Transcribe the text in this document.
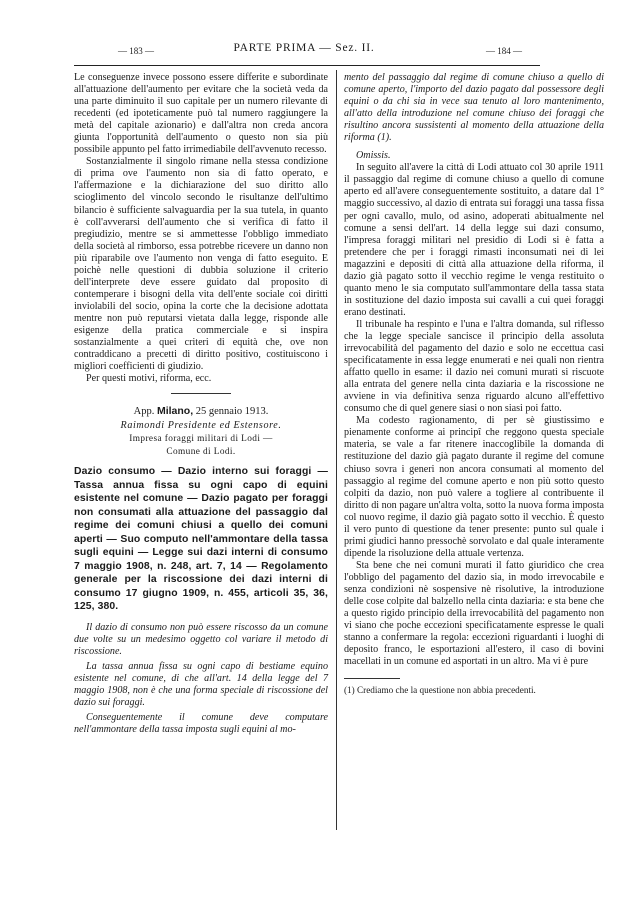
— 183 —	PARTE PRIMA — Sez. II.	— 184 —

Le conseguenze invece possono essere differite e subordinate all'attuazione dell'aumento per evitare che la società veda da una parte diminuito il suo capitale per un numero rilevante di recedenti (ed ipoteticamente può tal numero raggiungere la metà del capitale azionario) e dall'altra non creda ancora giunta l'opportunità dell'aumento o questo non sia più possibile appunto pel fatto irrimediabile dell'avvenuto recesso.

Sostanzialmente il singolo rimane nella stessa condizione di prima ove l'aumento non sia di fatto operato, e l'affermazione e la dichiarazione del suo diritto allo scioglimento del vincolo secondo le risultanze dell'ultimo bilancio è sufficiente salvaguardia per la sua tutela, in quanto è coll'avverarsi dell'aumento che si verifica di fatto il pregiudizio, mentre se si ammettesse l'obbligo immediato della società al rimborso, essa potrebbe ricevere un danno non più riparabile ove l'aumento non venga di fatto eseguito. E poichè nelle questioni di dubbia soluzione il criterio dell'interprete deve essere guidato dal proposito di contemperare i bisogni della vita dell'ente sociale coi diritti inviolabili del socio, opina la corte che la decisione adottata mentre non può reputarsi vietata dalla legge, risponde alle esigenze della pratica commerciale e si inspira sostanzialmente a quei criteri di equità che, ove non contraddicano a precetti di diritto positivo, costituiscono i migliori coefficienti di giudizio.

Per questi motivi, riforma, ecc.

App. Milano, 25 gennaio 1913.
Raimondi Presidente ed Estensore.
Impresa foraggi militari di Lodi —
Comune di Lodi.
Dazio consumo — Dazio interno sui foraggi — Tassa annua fissa su ogni capo di equini esistente nel comune — Dazio pagato per foraggi non consumati alla attuazione del passaggio dal regime dei comuni chiusi a quello dei comuni aperti — Suo computo nell'ammontare della tassa sugli equini — Legge sui dazi interni di consumo 7 maggio 1908, n. 248, art. 7, 14 — Regolamento generale per la riscossione dei dazi interni di consumo 17 giugno 1909, n. 455, articoli 35, 36, 125, 380.

Il dazio di consumo non può essere riscosso da un comune due volte su un medesimo oggetto col variare il metodo di riscossione.

La tassa annua fissa su ogni capo di bestiame equino esistente nel comune, di che all'art. 14 della legge del 7 maggio 1908, non è che una forma speciale di riscossione del dazio sui foraggi.

Conseguentemente il comune deve computare nell'ammontare della tassa imposta sugli equini al mo-

mento del passaggio dal regime di comune chiuso a quello di comune aperto, l'importo del dazio pagato dal possessore degli equini o da chi sia in vece sua tenuto al loro mantenimento, all'atto della introduzione nel comune chiuso dei foraggi che risultino ancora sussistenti al momento della attuazione della riforma (1).

Omissis.

In seguito all'avere la città di Lodi attuato col 30 aprile 1911 il passaggio dal regime di comune chiuso a quello di comune aperto ed all'avere conseguentemente sostituito, a datare dal 1° maggio successivo, al dazio di entrata sui foraggi una tassa fissa per ogni cavallo, mulo, od asino, adoperati abitualmente nel comune a sensi dell'art. 14 della legge sui dazi consumo, l'impresa foraggi militari nel presidio di Lodi si è fatta a pretendere che per i foraggi rimasti inconsumati nei di lei magazzini e depositi di città alla attuazione della riforma, il dazio già pagato sotto il vecchio regime le venga restituito o quanto meno le sia computato sull'ammontare della tassa stata in sostituzione del dazio imposta sui cavalli a cui quei foraggi erano destinati.

Il tribunale ha respinto e l'una e l'altra domanda, sul riflesso che la legge speciale sancisce il principio della assoluta irrevocabilità del pagamento del dazio e solo ne eccettua casi specificatamente in essa legge enumerati e nei quali non rientra affatto quello in esame: il dazio nei comuni murati si riscuote alla entrata del genere nella cinta daziaria e la riscossione ne avviene in via definitiva senza riguardo alcuno all'effettivo consumo che di quel genere siasi o non siasi poi fatto.

Ma codesto ragionamento, di per sè giustissimo e pienamente conforme ai principî che reggono questa speciale materia, se vale a far ritenere inaccoglibile la domanda di restituzione del dazio già pagato durante il regime del comune chiuso sovra i generi non ancora consumati al momento del passaggio al regime del comune aperto e non più sotto questo colpiti da dazio, non può valere a togliere al contribuente il diritto di non pagare un'altra volta, sotto la nuova forma imposta col nuovo regime, il dazio già pagato sotto il vecchio. È questo il vero punto di questione da tener presente: punto sul quale i primi giudici hanno pressochè sorvolato e dal quale interamente dipende la risoluzione della attuale vertenza.

Sta bene che nei comuni murati il fatto giuridico che crea l'obbligo del pagamento del dazio sia, in modo irrevocabile e senza condizioni nè sospensive nè risolutive, la introduzione delle cose colpite dal balzello nella cinta daziaria: e sta bene che a questo rigido principio della irrevocabilità del pagamento non vi siano che poche eccezioni specificatamente espresse le quali stanno a confermare la regola: eccezioni riguardanti i luoghi di deposito franco, le esportazioni all'estero, il caso di bovini macellati in un comune ed asportati in un altro. Ma vi è pure

(1) Crediamo che la questione non abbia precedenti.
